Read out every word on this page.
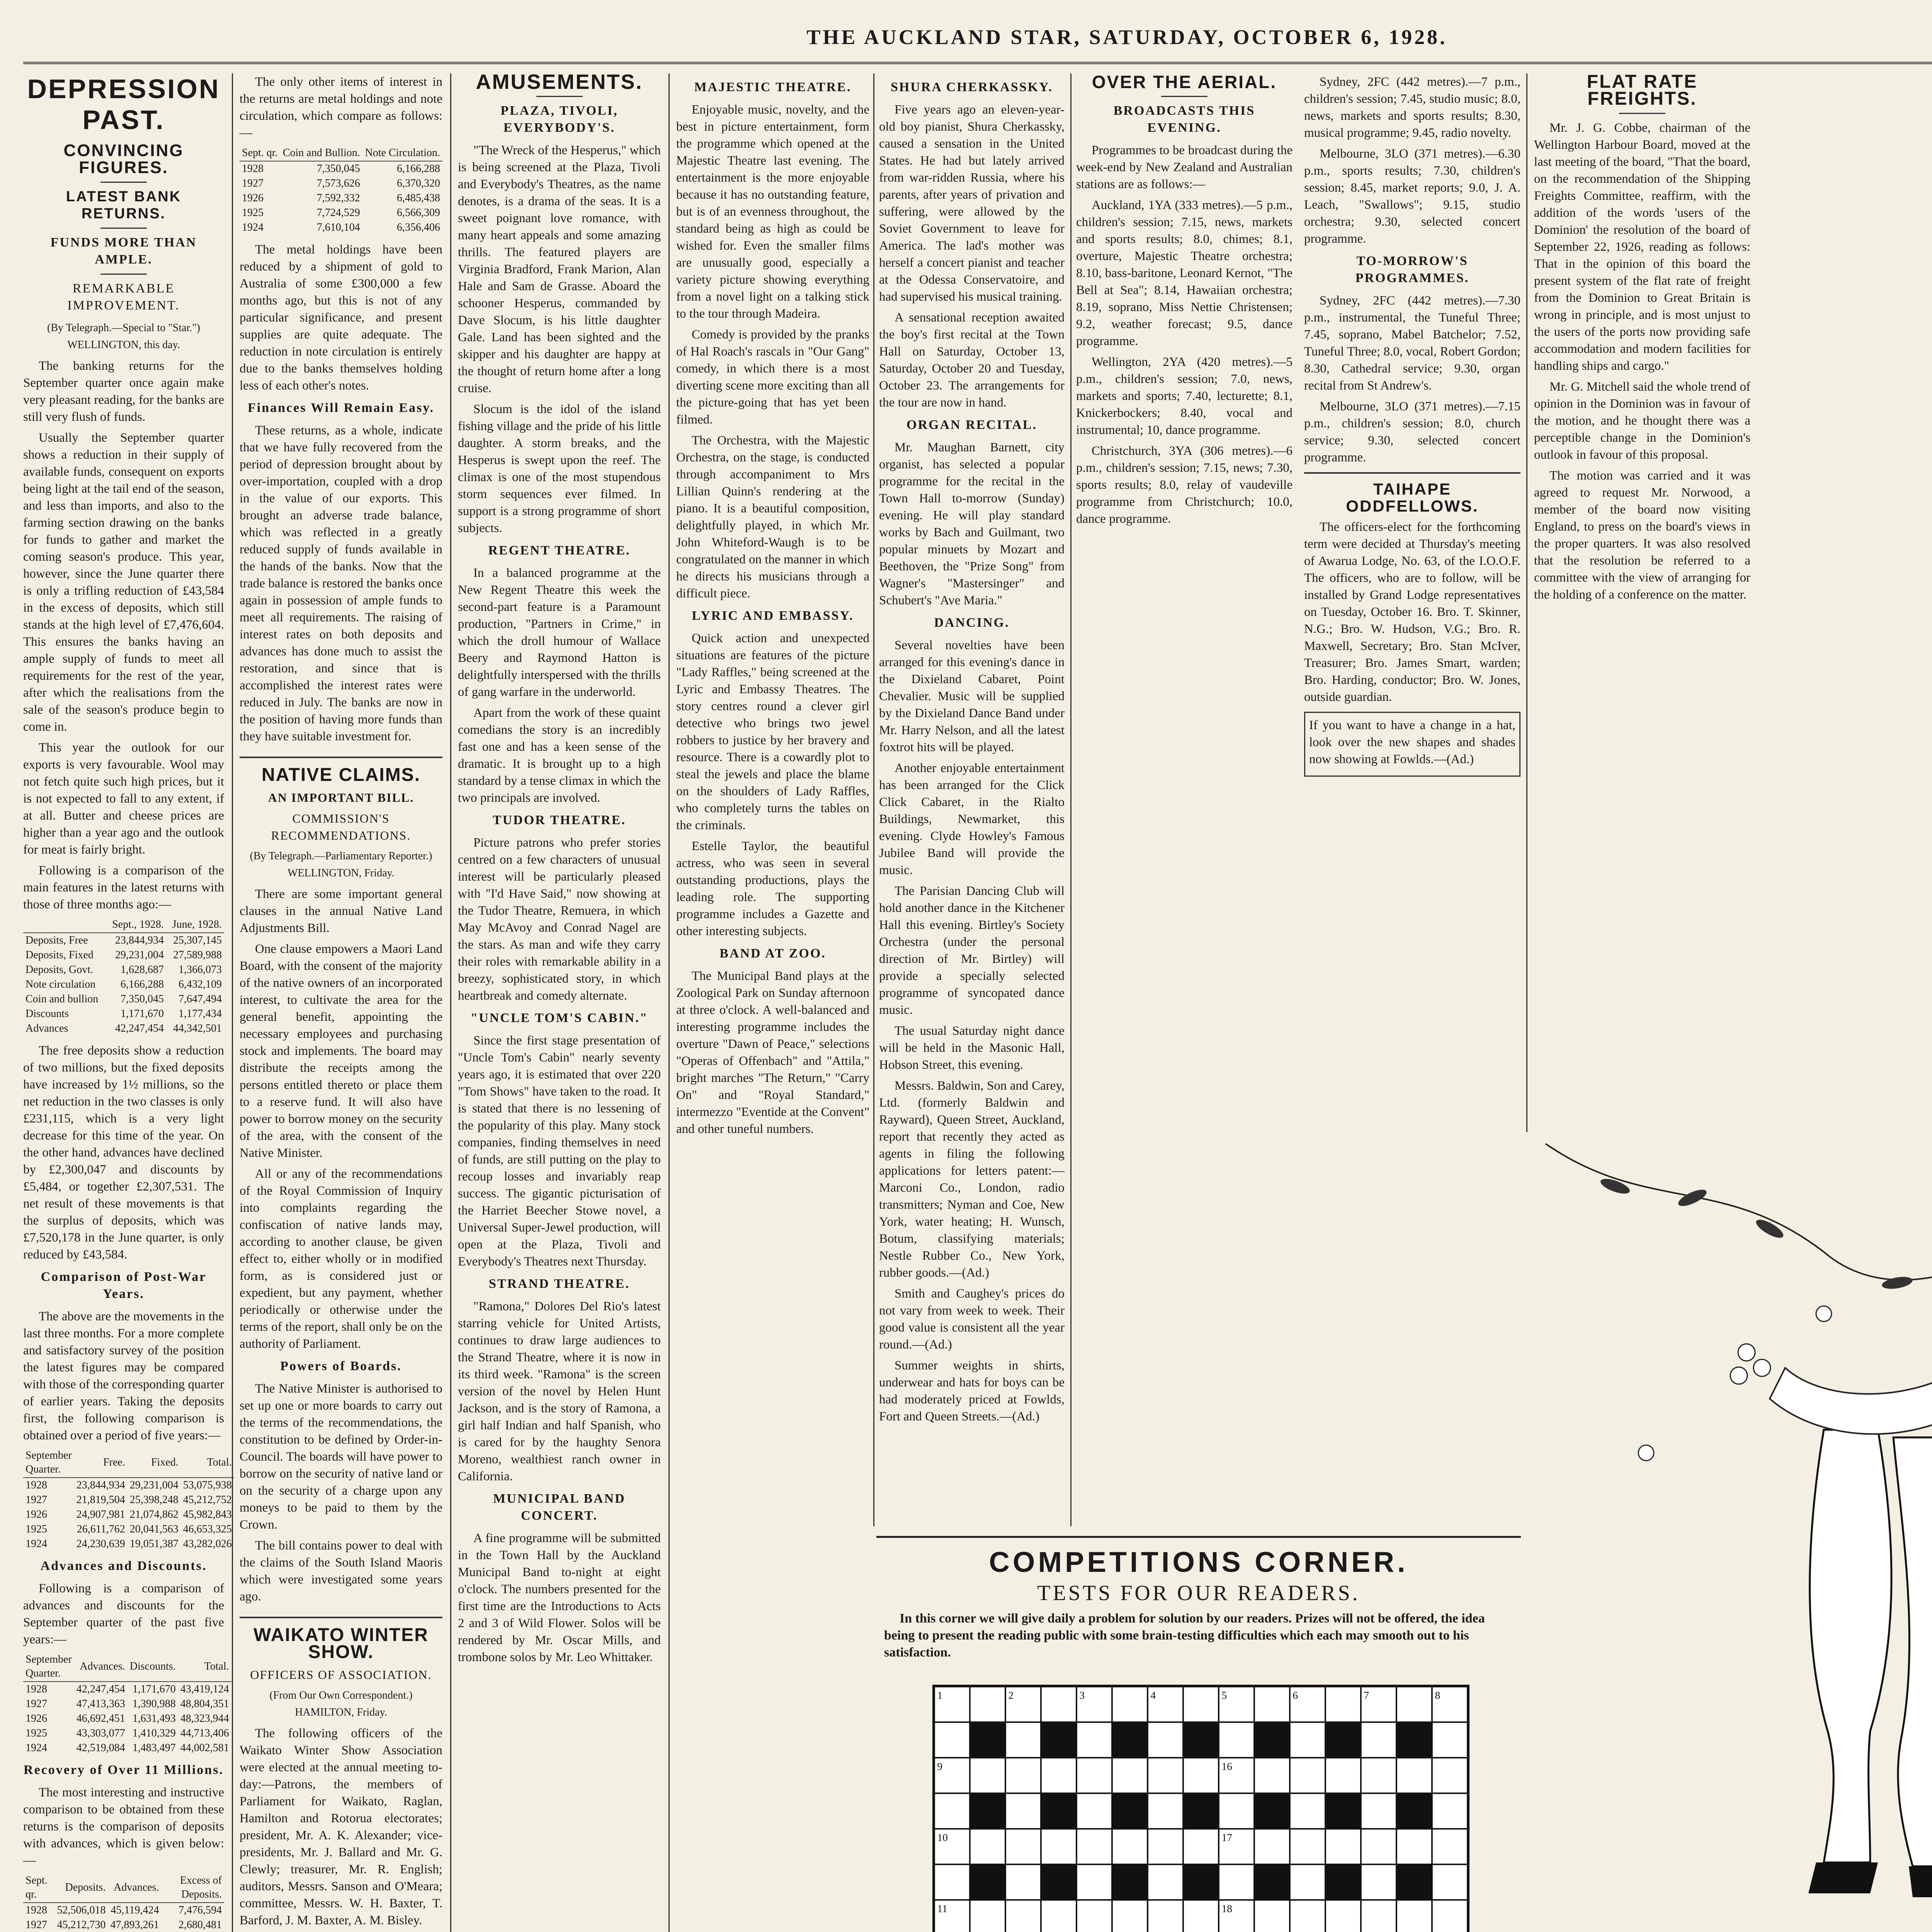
THE AUCKLAND STAR, SATURDAY, OCTOBER 6, 1928.
DEPRESSION PAST.
CONVINCING FIGURES.
LATEST BANK RETURNS.
FUNDS MORE THAN AMPLE.
REMARKABLE IMPROVEMENT.

(By Telegraph.—Special to "Star.") WELLINGTON, this day.

The banking returns for the September quarter once again make very pleasant reading, for the banks are still very flush of funds.

Usually the September quarter shows a reduction in their supply of available funds, consequent on exports being light at the tail end of the season, and less than imports, and also to the farming section drawing on the banks for funds to gather and market the coming season's produce. This year, however, since the June quarter there is only a trifling reduction of £43,584 in the excess of deposits, which still stands at the high level of £7,476,604. This ensures the banks having an ample supply of funds to meet all requirements for the rest of the year, after which the realisations from the sale of the season's produce begin to come in.

This year the outlook for our exports is very favourable. Wool may not fetch quite such high prices, but it is not expected to fall to any extent, if at all. Butter and cheese prices are higher than a year ago and the outlook for meat is fairly bright.

Following is a comparison of the main features in the latest returns with those of three months ago:—

	Sept., 1928.	June, 1928.
Deposits, Free	23,844,934	25,307,145
Deposits, Fixed	29,231,004	27,589,988
Deposits, Govt.	1,628,687	1,366,073
Note circulation	6,166,288	6,432,109
Coin and bullion	7,350,045	7,647,494
Discounts	1,171,670	1,177,434
Advances	42,247,454	44,342,501

The free deposits show a reduction of two millions, but the fixed deposits have increased by 1½ millions, so the net reduction in the two classes is only £231,115, which is a very light decrease for this time of the year. On the other hand, advances have declined by £2,300,047 and discounts by £5,484, or together £2,307,531. The net result of these movements is that the surplus of deposits, which was £7,520,178 in the June quarter, is only reduced by £43,584.

Comparison of Post-War Years.

The above are the movements in the last three months. For a more complete and satisfactory survey of the position the latest figures may be compared with those of the corresponding quarter of earlier years. Taking the deposits first, the following comparison is obtained over a period of five years:—

September Quarter.	Free.	Fixed.	Total.
1928	23,844,934	29,231,004	53,075,938
1927	21,819,504	25,398,248	45,212,752
1926	24,907,981	21,074,862	45,982,843
1925	26,611,762	20,041,563	46,653,325
1924	24,230,639	19,051,387	43,282,026
Advances and Discounts.

Following is a comparison of advances and discounts for the September quarter of the past five years:—

September Quarter.	Advances.	Discounts.	Total.
1928	42,247,454	1,171,670	43,419,124
1927	47,413,363	1,390,988	48,804,351
1926	46,692,451	1,631,493	48,323,944
1925	43,303,077	1,410,329	44,713,406
1924	42,519,084	1,483,497	44,002,581
Recovery of Over 11 Millions.

The most interesting and instructive comparison to be obtained from these returns is the comparison of deposits with advances, which is given below:—

Sept. qr.	Deposits.	Advances.	Excess of Deposits.
1928	52,506,018	45,119,424	7,476,594
1927	45,212,730	47,893,261	2,680,481

The only other items of interest in the returns are metal holdings and note circulation, which compare as follows:—

Sept. qr.	Coin and Bullion.	Note Circulation.
1928	7,350,045	6,166,288
1927	7,573,626	6,370,320
1926	7,592,332	6,485,438
1925	7,724,529	6,566,309
1924	7,610,104	6,356,406

The metal holdings have been reduced by a shipment of gold to Australia of some £300,000 a few months ago, but this is not of any particular significance, and present supplies are quite adequate. The reduction in note circulation is entirely due to the banks themselves holding less of each other's notes.

Finances Will Remain Easy.

These returns, as a whole, indicate that we have fully recovered from the period of depression brought about by over-importation, coupled with a drop in the value of our exports. This brought an adverse trade balance, which was reflected in a greatly reduced supply of funds available in the hands of the banks. Now that the trade balance is restored the banks once again in possession of ample funds to meet all requirements. The raising of interest rates on both deposits and advances has done much to assist the restoration, and since that is accomplished the interest rates were reduced in July. The banks are now in the position of having more funds than they have suitable investment for.

NATIVE CLAIMS.
AN IMPORTANT BILL.
COMMISSION'S RECOMMENDATIONS.

(By Telegraph.—Parliamentary Reporter.) WELLINGTON, Friday.

There are some important general clauses in the annual Native Land Adjustments Bill.

One clause empowers a Maori Land Board, with the consent of the majority of the native owners of an incorporated interest, to cultivate the area for the general benefit, appointing the necessary employees and purchasing stock and implements. The board may distribute the receipts among the persons entitled thereto or place them to a reserve fund. It will also have power to borrow money on the security of the area, with the consent of the Native Minister.

All or any of the recommendations of the Royal Commission of Inquiry into complaints regarding the confiscation of native lands may, according to another clause, be given effect to, either wholly or in modified form, as is considered just or expedient, but any payment, whether periodically or otherwise under the terms of the report, shall only be on the authority of Parliament.

Powers of Boards.

The Native Minister is authorised to set up one or more boards to carry out the terms of the recommendations, the constitution to be defined by Order-in-Council. The boards will have power to borrow on the security of native land or on the security of a charge upon any moneys to be paid to them by the Crown.

The bill contains power to deal with the claims of the South Island Maoris which were investigated some years ago.

WAIKATO WINTER SHOW.
OFFICERS OF ASSOCIATION.

(From Our Own Correspondent.) HAMILTON, Friday.

The following officers of the Waikato Winter Show Association were elected at the annual meeting to-day:—Patrons, the members of Parliament for Waikato, Raglan, Hamilton and Rotorua electorates; president, Mr. A. K. Alexander; vice-presidents, Mr. J. Ballard and Mr. G. Clewly; treasurer, Mr. R. English; auditors, Messrs. Sanson and O'Meara; committee, Messrs. W. H. Baxter, T. Barford, J. M. Baxter, A. M. Bisley.

AMUSEMENTS.
PLAZA, TIVOLI, EVERYBODY'S.

"The Wreck of the Hesperus," which is being screened at the Plaza, Tivoli and Everybody's Theatres, as the name denotes, is a drama of the seas. It is a sweet poignant love romance, with many heart appeals and some amazing thrills. The featured players are Virginia Bradford, Frank Marion, Alan Hale and Sam de Grasse. Aboard the schooner Hesperus, commanded by Dave Slocum, is his little daughter Gale. Land has been sighted and the skipper and his daughter are happy at the thought of return home after a long cruise.

Slocum is the idol of the island fishing village and the pride of his little daughter. A storm breaks, and the Hesperus is swept upon the reef. The climax is one of the most stupendous storm sequences ever filmed. In support is a strong programme of short subjects.

REGENT THEATRE.

In a balanced programme at the New Regent Theatre this week the second-part feature is a Paramount production, "Partners in Crime," in which the droll humour of Wallace Beery and Raymond Hatton is delightfully interspersed with the thrills of gang warfare in the underworld.

Apart from the work of these quaint comedians the story is an incredibly fast one and has a keen sense of the dramatic. It is brought up to a high standard by a tense climax in which the two principals are involved.

TUDOR THEATRE.

Picture patrons who prefer stories centred on a few characters of unusual interest will be particularly pleased with "I'd Have Said," now showing at the Tudor Theatre, Remuera, in which May McAvoy and Conrad Nagel are the stars. As man and wife they carry their roles with remarkable ability in a breezy, sophisticated story, in which heartbreak and comedy alternate.

"UNCLE TOM'S CABIN."

Since the first stage presentation of "Uncle Tom's Cabin" nearly seventy years ago, it is estimated that over 220 "Tom Shows" have taken to the road. It is stated that there is no lessening of the popularity of this play. Many stock companies, finding themselves in need of funds, are still putting on the play to recoup losses and invariably reap success. The gigantic picturisation of the Harriet Beecher Stowe novel, a Universal Super-Jewel production, will open at the Plaza, Tivoli and Everybody's Theatres next Thursday.

STRAND THEATRE.

"Ramona," Dolores Del Rio's latest starring vehicle for United Artists, continues to draw large audiences to the Strand Theatre, where it is now in its third week. "Ramona" is the screen version of the novel by Helen Hunt Jackson, and is the story of Ramona, a girl half Indian and half Spanish, who is cared for by the haughty Senora Moreno, wealthiest ranch owner in California.

MUNICIPAL BAND CONCERT.

A fine programme will be submitted in the Town Hall by the Auckland Municipal Band to-night at eight o'clock. The numbers presented for the first time are the Introductions to Acts 2 and 3 of Wild Flower. Solos will be rendered by Mr. Oscar Mills, and trombone solos by Mr. Leo Whittaker.

MAJESTIC THEATRE.

Enjoyable music, novelty, and the best in picture entertainment, form the programme which opened at the Majestic Theatre last evening. The entertainment is the more enjoyable because it has no outstanding feature, but is of an evenness throughout, the standard being as high as could be wished for. Even the smaller films are unusually good, especially a variety picture showing everything from a novel light on a talking stick to the tour through Madeira.

Comedy is provided by the pranks of Hal Roach's rascals in "Our Gang" comedy, in which there is a most diverting scene more exciting than all the picture-going that has yet been filmed.

The Orchestra, with the Majestic Orchestra, on the stage, is conducted through accompaniment to Mrs Lillian Quinn's rendering at the piano. It is a beautiful composition, delightfully played, in which Mr. John Whiteford-Waugh is to be congratulated on the manner in which he directs his musicians through a difficult piece.

LYRIC AND EMBASSY.

Quick action and unexpected situations are features of the picture "Lady Raffles," being screened at the Lyric and Embassy Theatres. The story centres round a clever girl detective who brings two jewel robbers to justice by her bravery and resource. There is a cowardly plot to steal the jewels and place the blame on the shoulders of Lady Raffles, who completely turns the tables on the criminals.

Estelle Taylor, the beautiful actress, who was seen in several outstanding productions, plays the leading role. The supporting programme includes a Gazette and other interesting subjects.

BAND AT ZOO.

The Municipal Band plays at the Zoological Park on Sunday afternoon at three o'clock. A well-balanced and interesting programme includes the overture "Dawn of Peace," selections "Operas of Offenbach" and "Attila," bright marches "The Return," "Carry On" and "Royal Standard," intermezzo "Eventide at the Convent" and other tuneful numbers.

SHURA CHERKASSKY.

Five years ago an eleven-year-old boy pianist, Shura Cherkassky, caused a sensation in the United States. He had but lately arrived from war-ridden Russia, where his parents, after years of privation and suffering, were allowed by the Soviet Government to leave for America. The lad's mother was herself a concert pianist and teacher at the Odessa Conservatoire, and had supervised his musical training.

A sensational reception awaited the boy's first recital at the Town Hall on Saturday, October 13, Saturday, October 20 and Tuesday, October 23. The arrangements for the tour are now in hand.

ORGAN RECITAL.

Mr. Maughan Barnett, city organist, has selected a popular programme for the recital in the Town Hall to-morrow (Sunday) evening. He will play standard works by Bach and Guilmant, two popular minuets by Mozart and Beethoven, the "Prize Song" from Wagner's "Mastersinger" and Schubert's "Ave Maria."

DANCING.

Several novelties have been arranged for this evening's dance in the Dixieland Cabaret, Point Chevalier. Music will be supplied by the Dixieland Dance Band under Mr. Harry Nelson, and all the latest foxtrot hits will be played.

Another enjoyable entertainment has been arranged for the Click Click Cabaret, in the Rialto Buildings, Newmarket, this evening. Clyde Howley's Famous Jubilee Band will provide the music.

The Parisian Dancing Club will hold another dance in the Kitchener Hall this evening. Birtley's Society Orchestra (under the personal direction of Mr. Birtley) will provide a specially selected programme of syncopated dance music.

The usual Saturday night dance will be held in the Masonic Hall, Hobson Street, this evening.

Messrs. Baldwin, Son and Carey, Ltd. (formerly Baldwin and Rayward), Queen Street, Auckland, report that recently they acted as agents in filing the following applications for letters patent:—Marconi Co., London, radio transmitters; Nyman and Coe, New York, water heating; H. Wunsch, Botum, classifying materials; Nestle Rubber Co., New York, rubber goods.—(Ad.)

Smith and Caughey's prices do not vary from week to week. Their good value is consistent all the year round.—(Ad.)

Summer weights in shirts, underwear and hats for boys can be had moderately priced at Fowlds, Fort and Queen Streets.—(Ad.)

OVER THE AERIAL.
BROADCASTS THIS EVENING.

Programmes to be broadcast during the week-end by New Zealand and Australian stations are as follows:—

Auckland, 1YA (333 metres).—5 p.m., children's session; 7.15, news, markets and sports results; 8.0, chimes; 8.1, overture, Majestic Theatre orchestra; 8.10, bass-baritone, Leonard Kernot, "The Bell at Sea"; 8.14, Hawaiian orchestra; 8.19, soprano, Miss Nettie Christensen; 9.2, weather forecast; 9.5, dance programme.

Wellington, 2YA (420 metres).—5 p.m., children's session; 7.0, news, markets and sports; 7.40, lecturette; 8.1, Knickerbockers; 8.40, vocal and instrumental; 10, dance programme.

Christchurch, 3YA (306 metres).—6 p.m., children's session; 7.15, news; 7.30, sports results; 8.0, relay of vaudeville programme from Christchurch; 10.0, dance programme.

Sydney, 2FC (442 metres).—7 p.m., children's session; 7.45, studio music; 8.0, news, markets and sports results; 8.30, musical programme; 9.45, radio novelty.

Melbourne, 3LO (371 metres).—6.30 p.m., sports results; 7.30, children's session; 8.45, market reports; 9.0, J. A. Leach, "Swallows"; 9.15, studio orchestra; 9.30, selected concert programme.

TO-MORROW'S PROGRAMMES.

Sydney, 2FC (442 metres).—7.30 p.m., instrumental, the Tuneful Three; 7.45, soprano, Mabel Batchelor; 7.52, Tuneful Three; 8.0, vocal, Robert Gordon; 8.30, Cathedral service; 9.30, organ recital from St Andrew's.

Melbourne, 3LO (371 metres).—7.15 p.m., children's session; 8.0, church service; 9.30, selected concert programme.

TAIHAPE ODDFELLOWS.

The officers-elect for the forthcoming term were decided at Thursday's meeting of Awarua Lodge, No. 63, of the I.O.O.F. The officers, who are to follow, will be installed by Grand Lodge representatives on Tuesday, October 16. Bro. T. Skinner, N.G.; Bro. W. Hudson, V.G.; Bro. R. Maxwell, Secretary; Bro. Stan McIver, Treasurer; Bro. James Smart, warden; Bro. Harding, conductor; Bro. W. Jones, outside guardian.

If you want to have a change in a hat, look over the new shapes and shades now showing at Fowlds.—(Ad.)

FLAT RATE FREIGHTS.

Mr. J. G. Cobbe, chairman of the Wellington Harbour Board, moved at the last meeting of the board, "That the board, on the recommendation of the Shipping Freights Committee, reaffirm, with the addition of the words 'users of the Dominion' the resolution of the board of September 22, 1926, reading as follows: That in the opinion of this board the present system of the flat rate of freight from the Dominion to Great Britain is wrong in principle, and is most unjust to the users of the ports now providing safe accommodation and modern facilities for handling ships and cargo."

Mr. G. Mitchell said the whole trend of opinion in the Dominion was in favour of the motion, and he thought there was a perceptible change in the Dominion's outlook in favour of this proposal.

The motion was carried and it was agreed to request Mr. Norwood, a member of the board now visiting England, to press on the board's views in the proper quarters. It was also resolved that the resolution be referred to a committee with the view of arranging for the holding of a conference on the matter.

COMPETITIONS CORNER.
TESTS FOR OUR READERS.

In this corner we will give daily a problem for solution by our readers. Prizes will not be offered, the idea being to present the reading public with some brain-testing difficulties which each may smooth out to his satisfaction.
